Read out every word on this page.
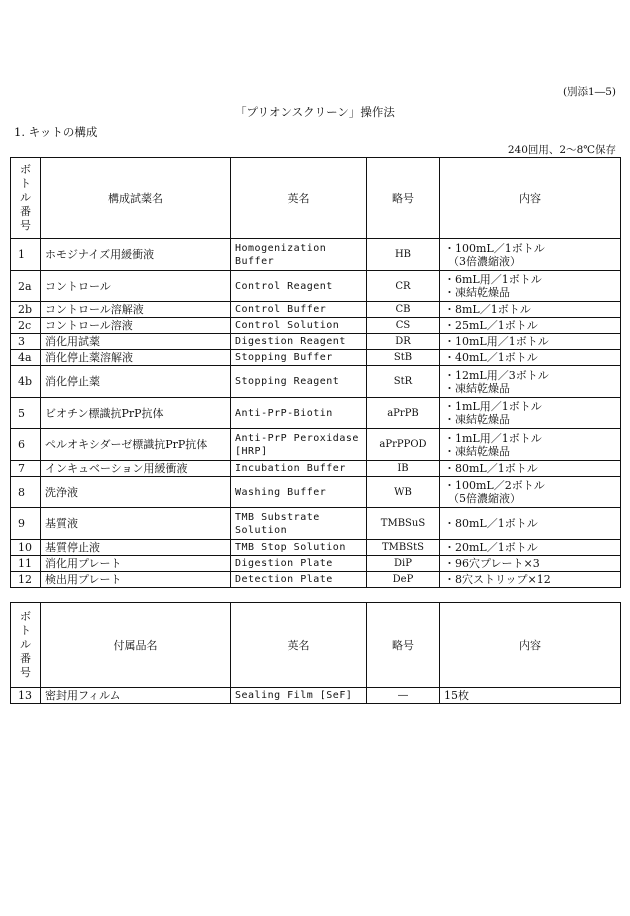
(別添1―5)
「プリオンスクリーン」操作法
1. キットの構成
240回用、2～8℃保存
ボ
ト
ル
番
号	構成試薬名	英名	略号	内容
1	ホモジナイズ用緩衝液	Homogenization Buffer	HB	・100mL／1ボトル
（3倍濃縮液）

2a	コントロール	Control Reagent	CR	・6mL用／1ボトル
・凍結乾燥品

2b	コントロール溶解液	Control Buffer	CB	・8mL／1ボトル

2c	コントロール溶液	Control Solution	CS	・25mL／1ボトル

3	消化用試薬	Digestion Reagent	DR	・10mL用／1ボトル

4a	消化停止薬溶解液	Stopping Buffer	StB	・40mL／1ボトル

4b	消化停止薬	Stopping Reagent	StR	・12mL用／3ボトル
・凍結乾燥品

5	ビオチン標識抗PrP抗体	Anti-PrP-Biotin	aPrPB	・1mL用／1ボトル
・凍結乾燥品

6	ペルオキシダーゼ標識抗PrP抗体	Anti-PrP Peroxidase [HRP]	aPrPPOD	・1mL用／1ボトル
・凍結乾燥品

7	インキュベーション用緩衝液	Incubation Buffer	IB	・80mL／1ボトル

8	洗浄液	Washing Buffer	WB	・100mL／2ボトル
（5倍濃縮液）

9	基質液	TMB Substrate Solution	TMBSuS	・80mL／1ボトル

10	基質停止液	TMB Stop Solution	TMBStS	・20mL／1ボトル

11	消化用プレート	Digestion Plate	DiP	・96穴プレート×3

12	検出用プレート	Detection Plate	DeP	・8穴ストリップ×12
ボ
ト
ル
番
号	付属品名	英名	略号	内容
13	密封用フィルム	Sealing Film [SeF]	―	15枚
